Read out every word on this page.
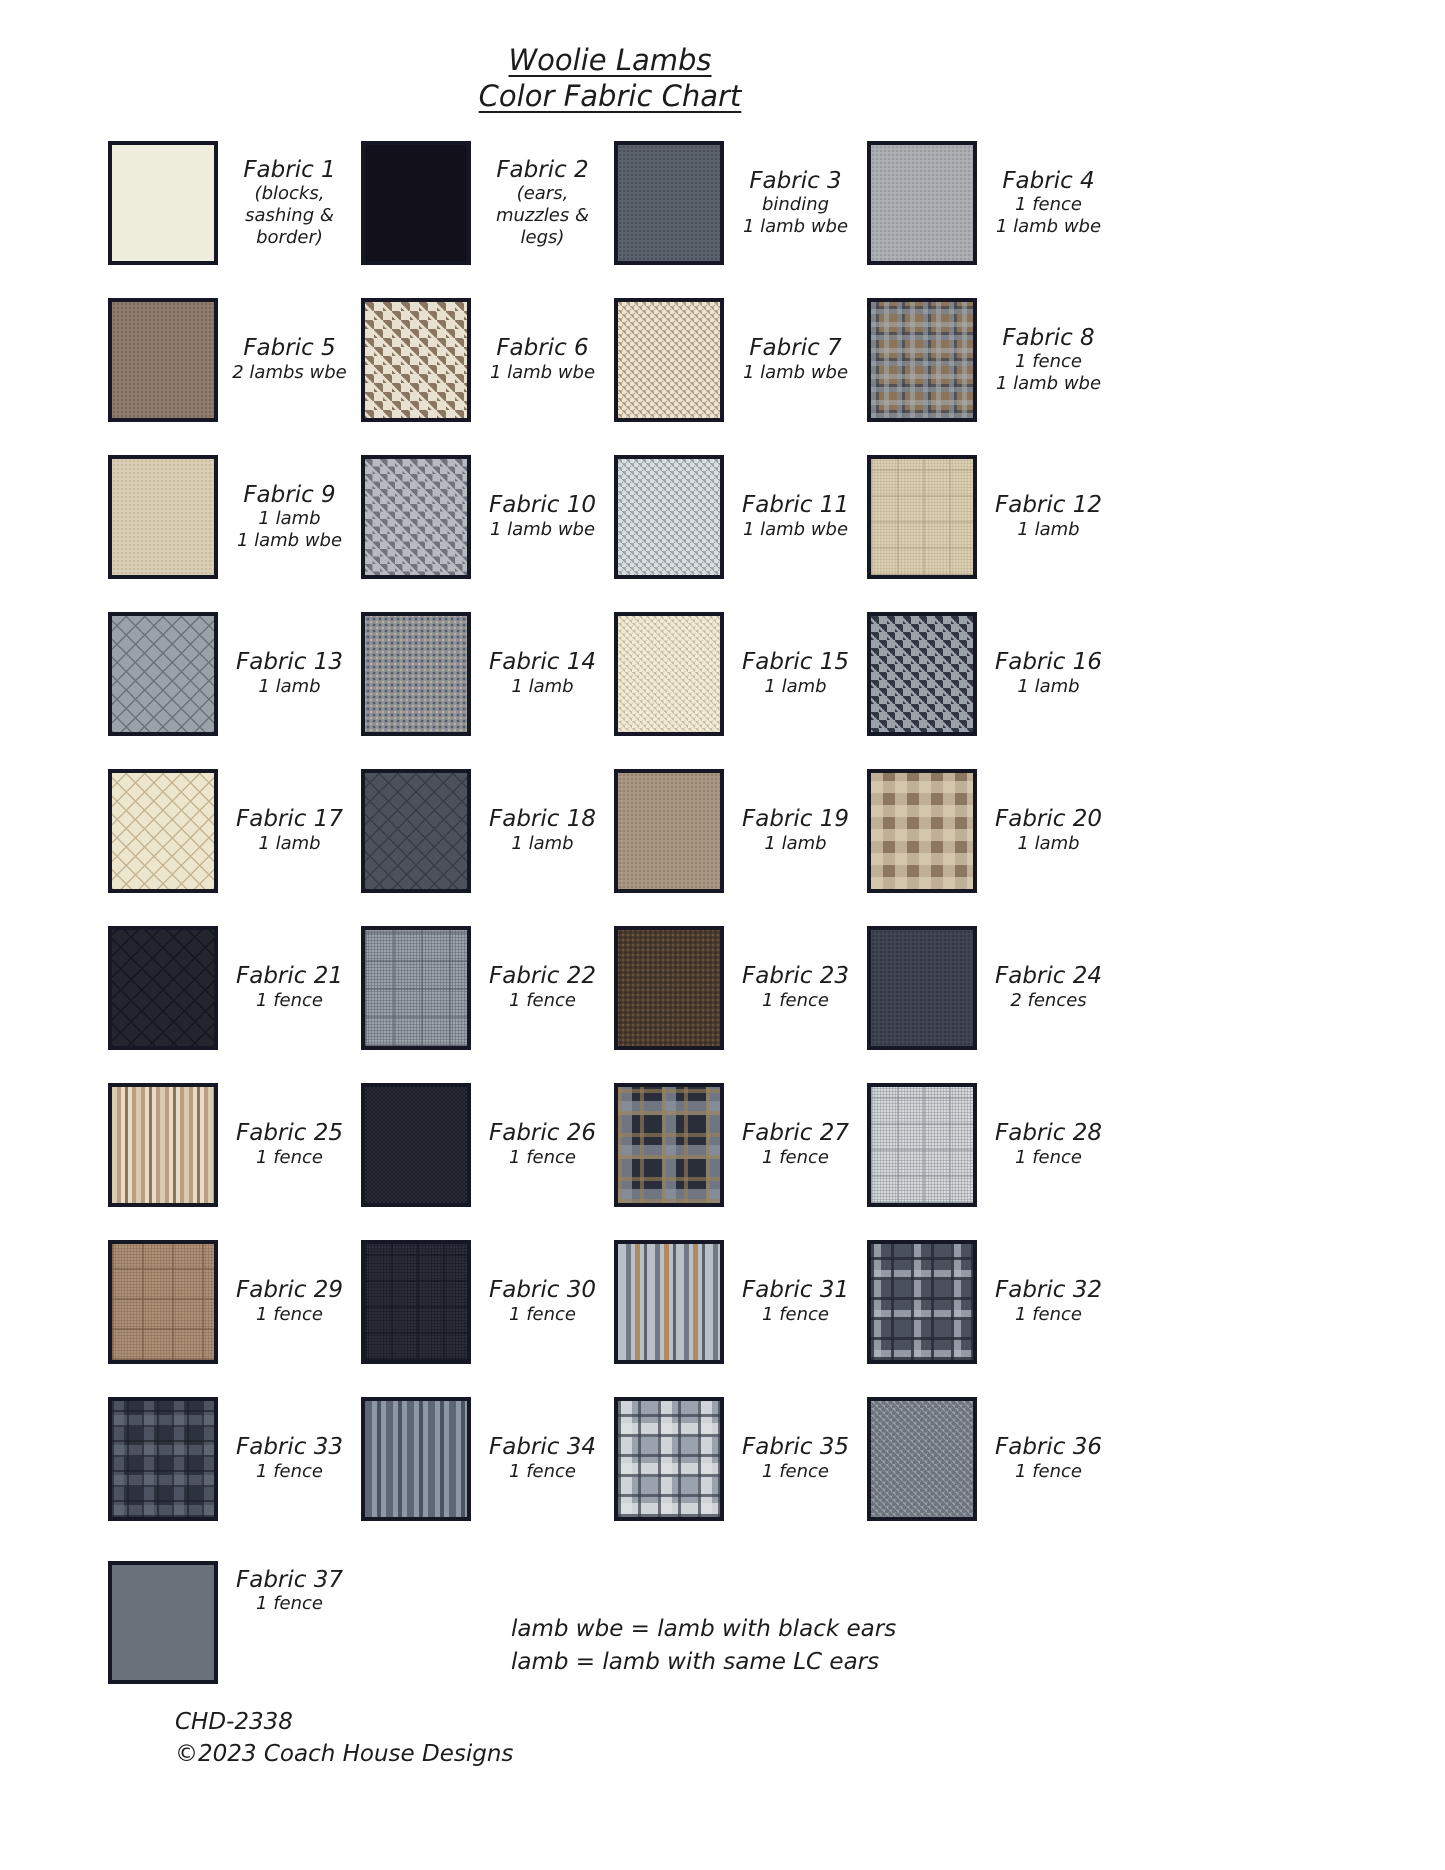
Woolie Lambs
Color Fabric Chart
Fabric 1
(blocks,
sashing &
border)
Fabric 2
(ears,
muzzles &
legs)
Fabric 3
binding
1 lamb wbe
Fabric 4
1 fence
1 lamb wbe
Fabric 5
2 lambs wbe
Fabric 6
1 lamb wbe
Fabric 7
1 lamb wbe
Fabric 8
1 fence
1 lamb wbe
Fabric 9
1 lamb
1 lamb wbe
Fabric 10
1 lamb wbe
Fabric 11
1 lamb wbe
Fabric 12
1 lamb
Fabric 13
1 lamb
Fabric 14
1 lamb
Fabric 15
1 lamb
Fabric 16
1 lamb
Fabric 17
1 lamb
Fabric 18
1 lamb
Fabric 19
1 lamb
Fabric 20
1 lamb
Fabric 21
1 fence
Fabric 22
1 fence
Fabric 23
1 fence
Fabric 24
2 fences
Fabric 25
1 fence
Fabric 26
1 fence
Fabric 27
1 fence
Fabric 28
1 fence
Fabric 29
1 fence
Fabric 30
1 fence
Fabric 31
1 fence
Fabric 32
1 fence
Fabric 33
1 fence
Fabric 34
1 fence
Fabric 35
1 fence
Fabric 36
1 fence
Fabric 37
1 fence
lamb wbe = lamb with black ears
lamb = lamb with same LC ears
CHD-2338
©2023 Coach House Designs
